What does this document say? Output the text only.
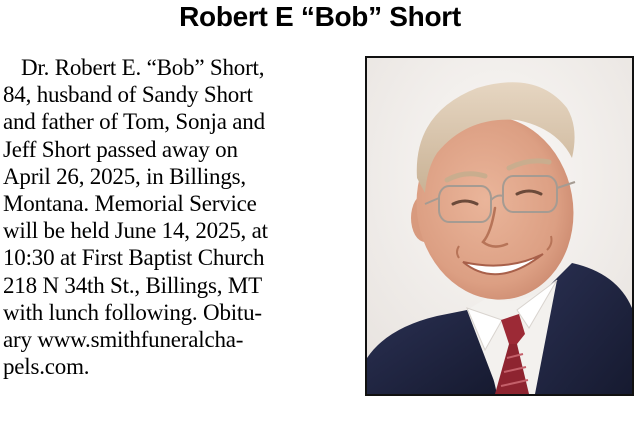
Robert E “Bob” Short
Dr. Robert E. “Bob” Short,
84, husband of Sandy Short
and father of Tom, Sonja and
Jeff Short passed away on
April 26, 2025, in Billings,
Montana. Memorial Service
will be held June 14, 2025, at
10:30 at First Baptist Church
218 N 34th St., Billings, MT
with lunch following. Obitu-
ary www.smithfuneralcha-
pels.com.
